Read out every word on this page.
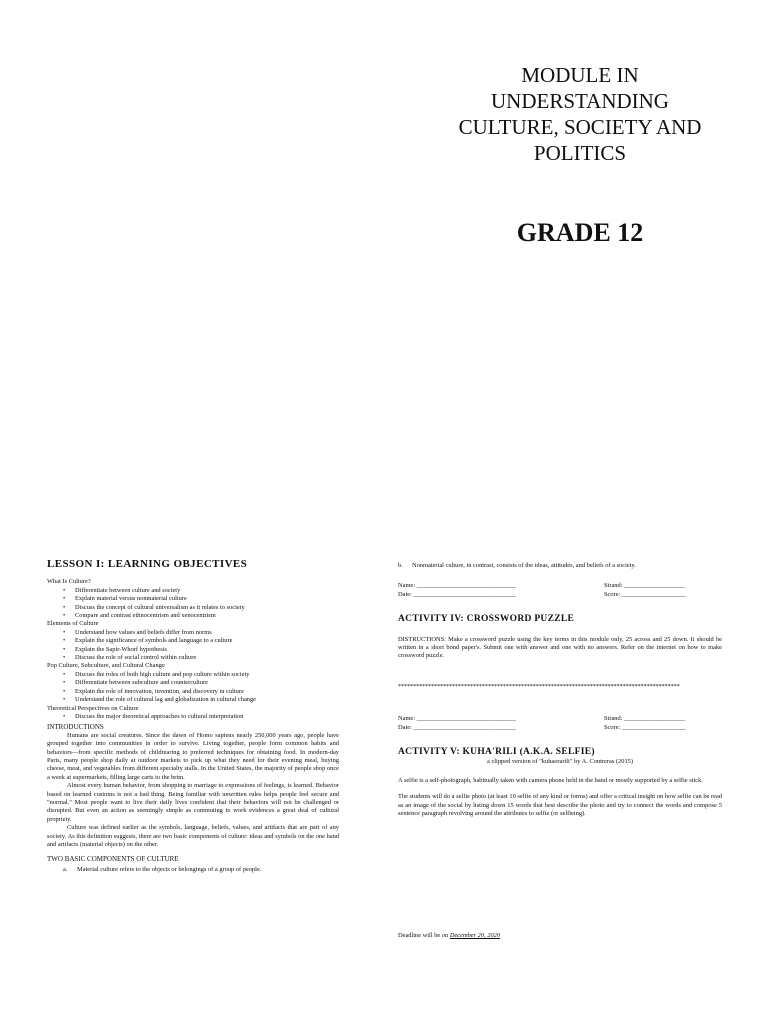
MODULE IN
UNDERSTANDING
CULTURE, SOCIETY AND
POLITICS
GRADE 12
LESSON I: LEARNING OBJECTIVES
What Is Culture?
• Differentiate between culture and society
• Explain material versus nonmaterial culture
• Discuss the concept of cultural universalism as it relates to society
• Compare and contrast ethnocentrism and xenocentrism
Elements of Culture
• Understand how values and beliefs differ from norms
• Explain the significance of symbols and language to a culture
• Explain the Sapir-Whorf hypothesis
• Discuss the role of social control within culture
Pop Culture, Subculture, and Cultural Change
• Discuss the roles of both high culture and pop culture within society
• Differentiate between subculture and counterculture
• Explain the role of innovation, invention, and discovery in culture
• Understand the role of cultural lag and globalization in cultural change
Theoretical Perspectives on Culture
• Discuss the major theoretical approaches to cultural interpretation
INTRODUCTIONS

Humans are social creatures. Since the dawn of Homo sapiens nearly 250,000 years ago, people have grouped together into communities in order to survive. Living together, people form common habits and behaviors—from specific methods of childrearing to preferred techniques for obtaining food. In modern-day Paris, many people shop daily at outdoor markets to pick up what they need for their evening meal, buying cheese, meat, and vegetables from different specialty stalls. In the United States, the majority of people shop once a week at supermarkets, filling large carts to the brim.

Almost every human behavior, from shopping to marriage to expressions of feelings, is learned. Behavior based on learned customs is not a bad thing. Being familiar with unwritten rules helps people feel secure and "normal." Most people want to live their daily lives confident that their behaviors will not be challenged or disrupted. But even an action as seemingly simple as commuting to work evidences a great deal of cultural propriety.

Culture was defined earlier as the symbols, language, beliefs, values, and artifacts that are part of any society. As this definition suggests, there are two basic components of culture: ideas and symbols on the one hand and artifacts (material objects) on the other.

TWO BASIC COMPONENTS OF CULTURE
a. Material culture refers to the objects or belongings of a group of people.
b. Nonmaterial culture, in contrast, consists of the ideas, attitudes, and beliefs of a society.
Name: _______________________________	Strand: ___________________
Date: ________________________________	Score: ____________________
ACTIVITY IV: CROSSWORD PUZZLE

DISTRUCTIONS: Make a crossword puzzle using the key terms in this module only, 25 across and 25 down. It should be written in a short bond paper's. Submit one with answer and one with no answers. Refer on the internet on how to make crossword puzzle.

**********************************************************************************************
Name: _______________________________	Strand: ___________________
Date: ________________________________	Score: ____________________
ACTIVITY V: KUHA'RILI (A.K.A. SELFIE)
a clipped version of "kuhaorarili" by A. Contreras (2015)

A selfie is a self-photograph, habitually taken with camera phone held in the hand or mostly supported by a selfie stick.

The students will do a selfie photo (at least 10 selfie of any kind or forms) and offer a critical insight on how selfie can be read as an image of the social by listing down 15 words that best describe the photo and try to connect the words and compose 5 sentence paragraph revolving around the attributes to selfie (or selfieing).

Deadline will be on December 20, 2020
